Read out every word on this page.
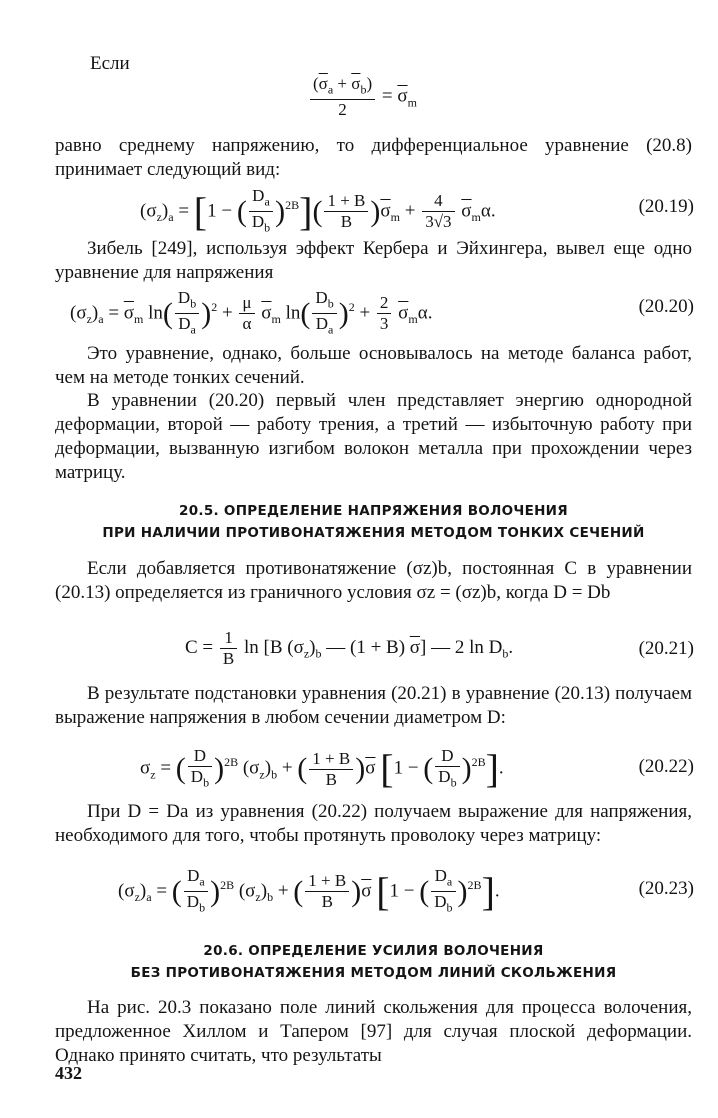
Если

$\frac{(\overline{\sigma}_a + \overline{\sigma}_b)}{2} = \overline{\sigma}_m$

равно среднему напряжению, то дифференциальное уравнение (20.8) принимает следующий вид:

$(\sigma_z)_a = [1$ − ( $\frac{D_a}{D_b} )^{2B}]( \frac{1 + B}{B} )\overline{\sigma}_m + \frac{4}{3√3} \overline{\sigma}_m\alpha$.	(20.19)

Зибель [249], используя эффект Кербера и Эйхингера, вывел еще одно уравнение для напряжения

$(\sigma_z)_a = \overline{\sigma}_m$ $\ln( \frac{D_b}{D_a} )^2 + \frac{\mu}{\alpha} \overline{\sigma}_m$ $\ln( \frac{D_b}{D_a} )^2 + \frac{2}{3} \overline{\sigma}_m\alpha$.	(20.20)

Это уравнение, однако, больше основывалось на методе баланса работ, чем на методе тонких сечений.

В уравнении (20.20) первый член представляет энергию однородной деформации, второй — работу трения, а третий — избыточную работу при деформации, вызванную изгибом волокон металла при прохождении через матрицу.

20.5. ОПРЕДЕЛЕНИЕ НАПРЯЖЕНИЯ ВОЛОЧЕНИЯ
ПРИ НАЛИЧИИ ПРОТИВОНАТЯЖЕНИЯ МЕТОДОМ ТОНКИХ СЕЧЕНИЙ

Если добавляется противонатяжение (σz)b, постоянная C в уравнении (20.13) определяется из граничного условия σz = (σz)b, когда D = Db

$C = \frac{1}{B}$ ln [B $(\sigma_z)_b$ — (1 + B) $\overline{\sigma}$] — 2 $\ln D_b$.	(20.21)

В результате подстановки уравнения (20.21) в уравнение (20.13) получаем выражение напряжения в любом сечении диаметром D:

$\sigma_z$ = ( $\frac{D}{D_b} )^{2B}$ $(\sigma_z)_b$ + ( $\frac{1 + B}{B} )\overline{\sigma}$ [1 − ( $\frac{D}{D_b} )^{2B}$].	(20.22)

При D = Da из уравнения (20.22) получаем выражение для напряжения, необходимого для того, чтобы протянуть проволоку через матрицу:

$(\sigma_z)_a$ = ( $\frac{D_a}{D_b} )^{2B}$ $(\sigma_z)_b$ + ( $\frac{1 + B}{B} )\overline{\sigma}$ [1 − ( $\frac{D_a}{D_b} )^{2B}$].	(20.23)
20.6. ОПРЕДЕЛЕНИЕ УСИЛИЯ ВОЛОЧЕНИЯ
БЕЗ ПРОТИВОНАТЯЖЕНИЯ МЕТОДОМ ЛИНИЙ СКОЛЬЖЕНИЯ

На рис. 20.3 показано поле линий скольжения для процесса волочения, предложенное Хиллом и Тапером [97] для случая плоской деформации. Однако принято считать, что результаты

432
